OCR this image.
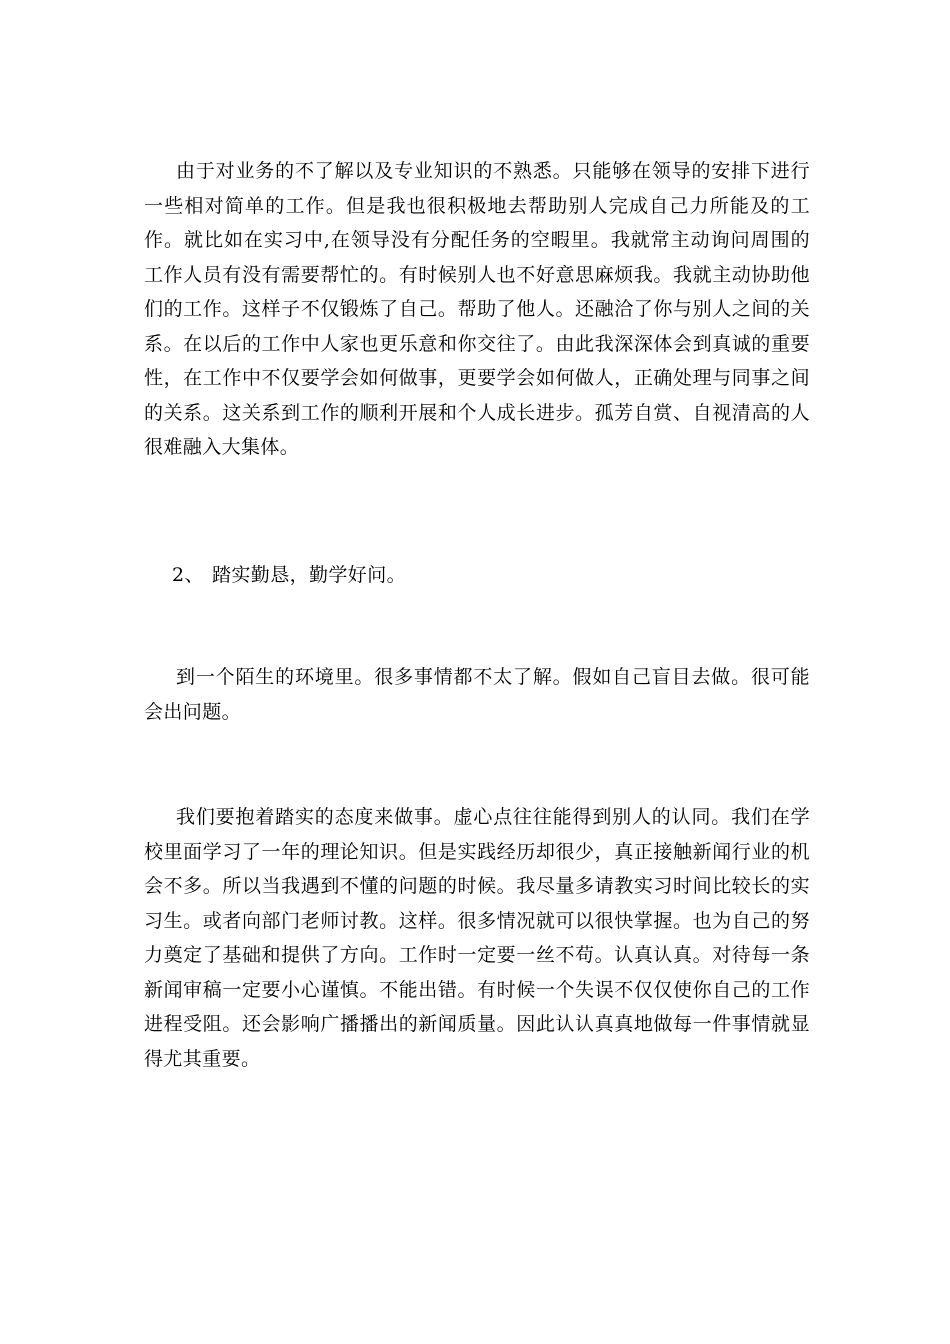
由于对业务的不了解以及专业知识的不熟悉。只能够在领导的安排下进行一些相对简单的工作。但是我也很积极地去帮助别人完成自己力所能及的工作。就比如在实习中,在领导没有分配任务的空暇里。我就常主动询问周围的工作人员有没有需要帮忙的。有时候别人也不好意思麻烦我。我就主动协助他们的工作。这样子不仅锻炼了自己。帮助了他人。还融洽了你与别人之间的关系。在以后的工作中人家也更乐意和你交往了。由此我深深体会到真诚的重要性，在工作中不仅要学会如何做事，更要学会如何做人，正确处理与同事之间的关系。这关系到工作的顺利开展和个人成长进步。孤芳自赏、自视清高的人很难融入大集体。

2、 踏实勤恳，勤学好问。

到一个陌生的环境里。很多事情都不太了解。假如自己盲目去做。很可能会出问题。

我们要抱着踏实的态度来做事。虚心点往往能得到别人的认同。我们在学校里面学习了一年的理论知识。但是实践经历却很少，真正接触新闻行业的机会不多。所以当我遇到不懂的问题的时候。我尽量多请教实习时间比较长的实习生。或者向部门老师讨教。这样。很多情况就可以很快掌握。也为自己的努力奠定了基础和提供了方向。工作时一定要一丝不苟。认真认真。对待每一条新闻审稿一定要小心谨慎。不能出错。有时候一个失误不仅仅使你自己的工作进程受阻。还会影响广播播出的新闻质量。因此认认真真地做每一件事情就显得尤其重要。
